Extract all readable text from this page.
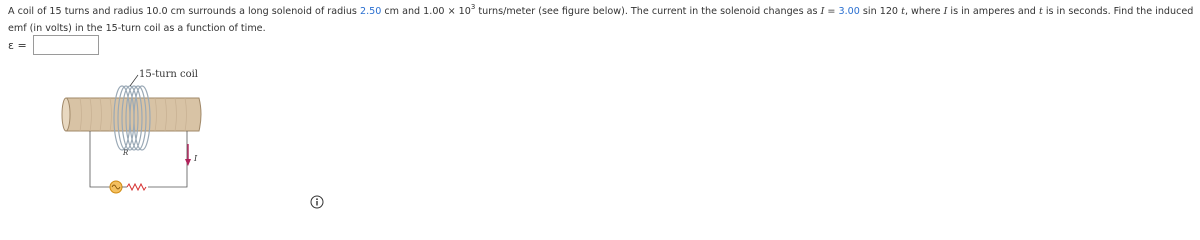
A coil of 15 turns and radius 10.0 cm surrounds a long solenoid of radius 2.50 cm and $1.00 \times 10^3$ turns/meter (see figure below). The current in the solenoid changes as I = 3.00 sin 120 t, where I is in amperes and t is in seconds. Find the induced emf (in volts) in the 15-turn coil as a function of time.
ε =
15-turn coil
R
I
